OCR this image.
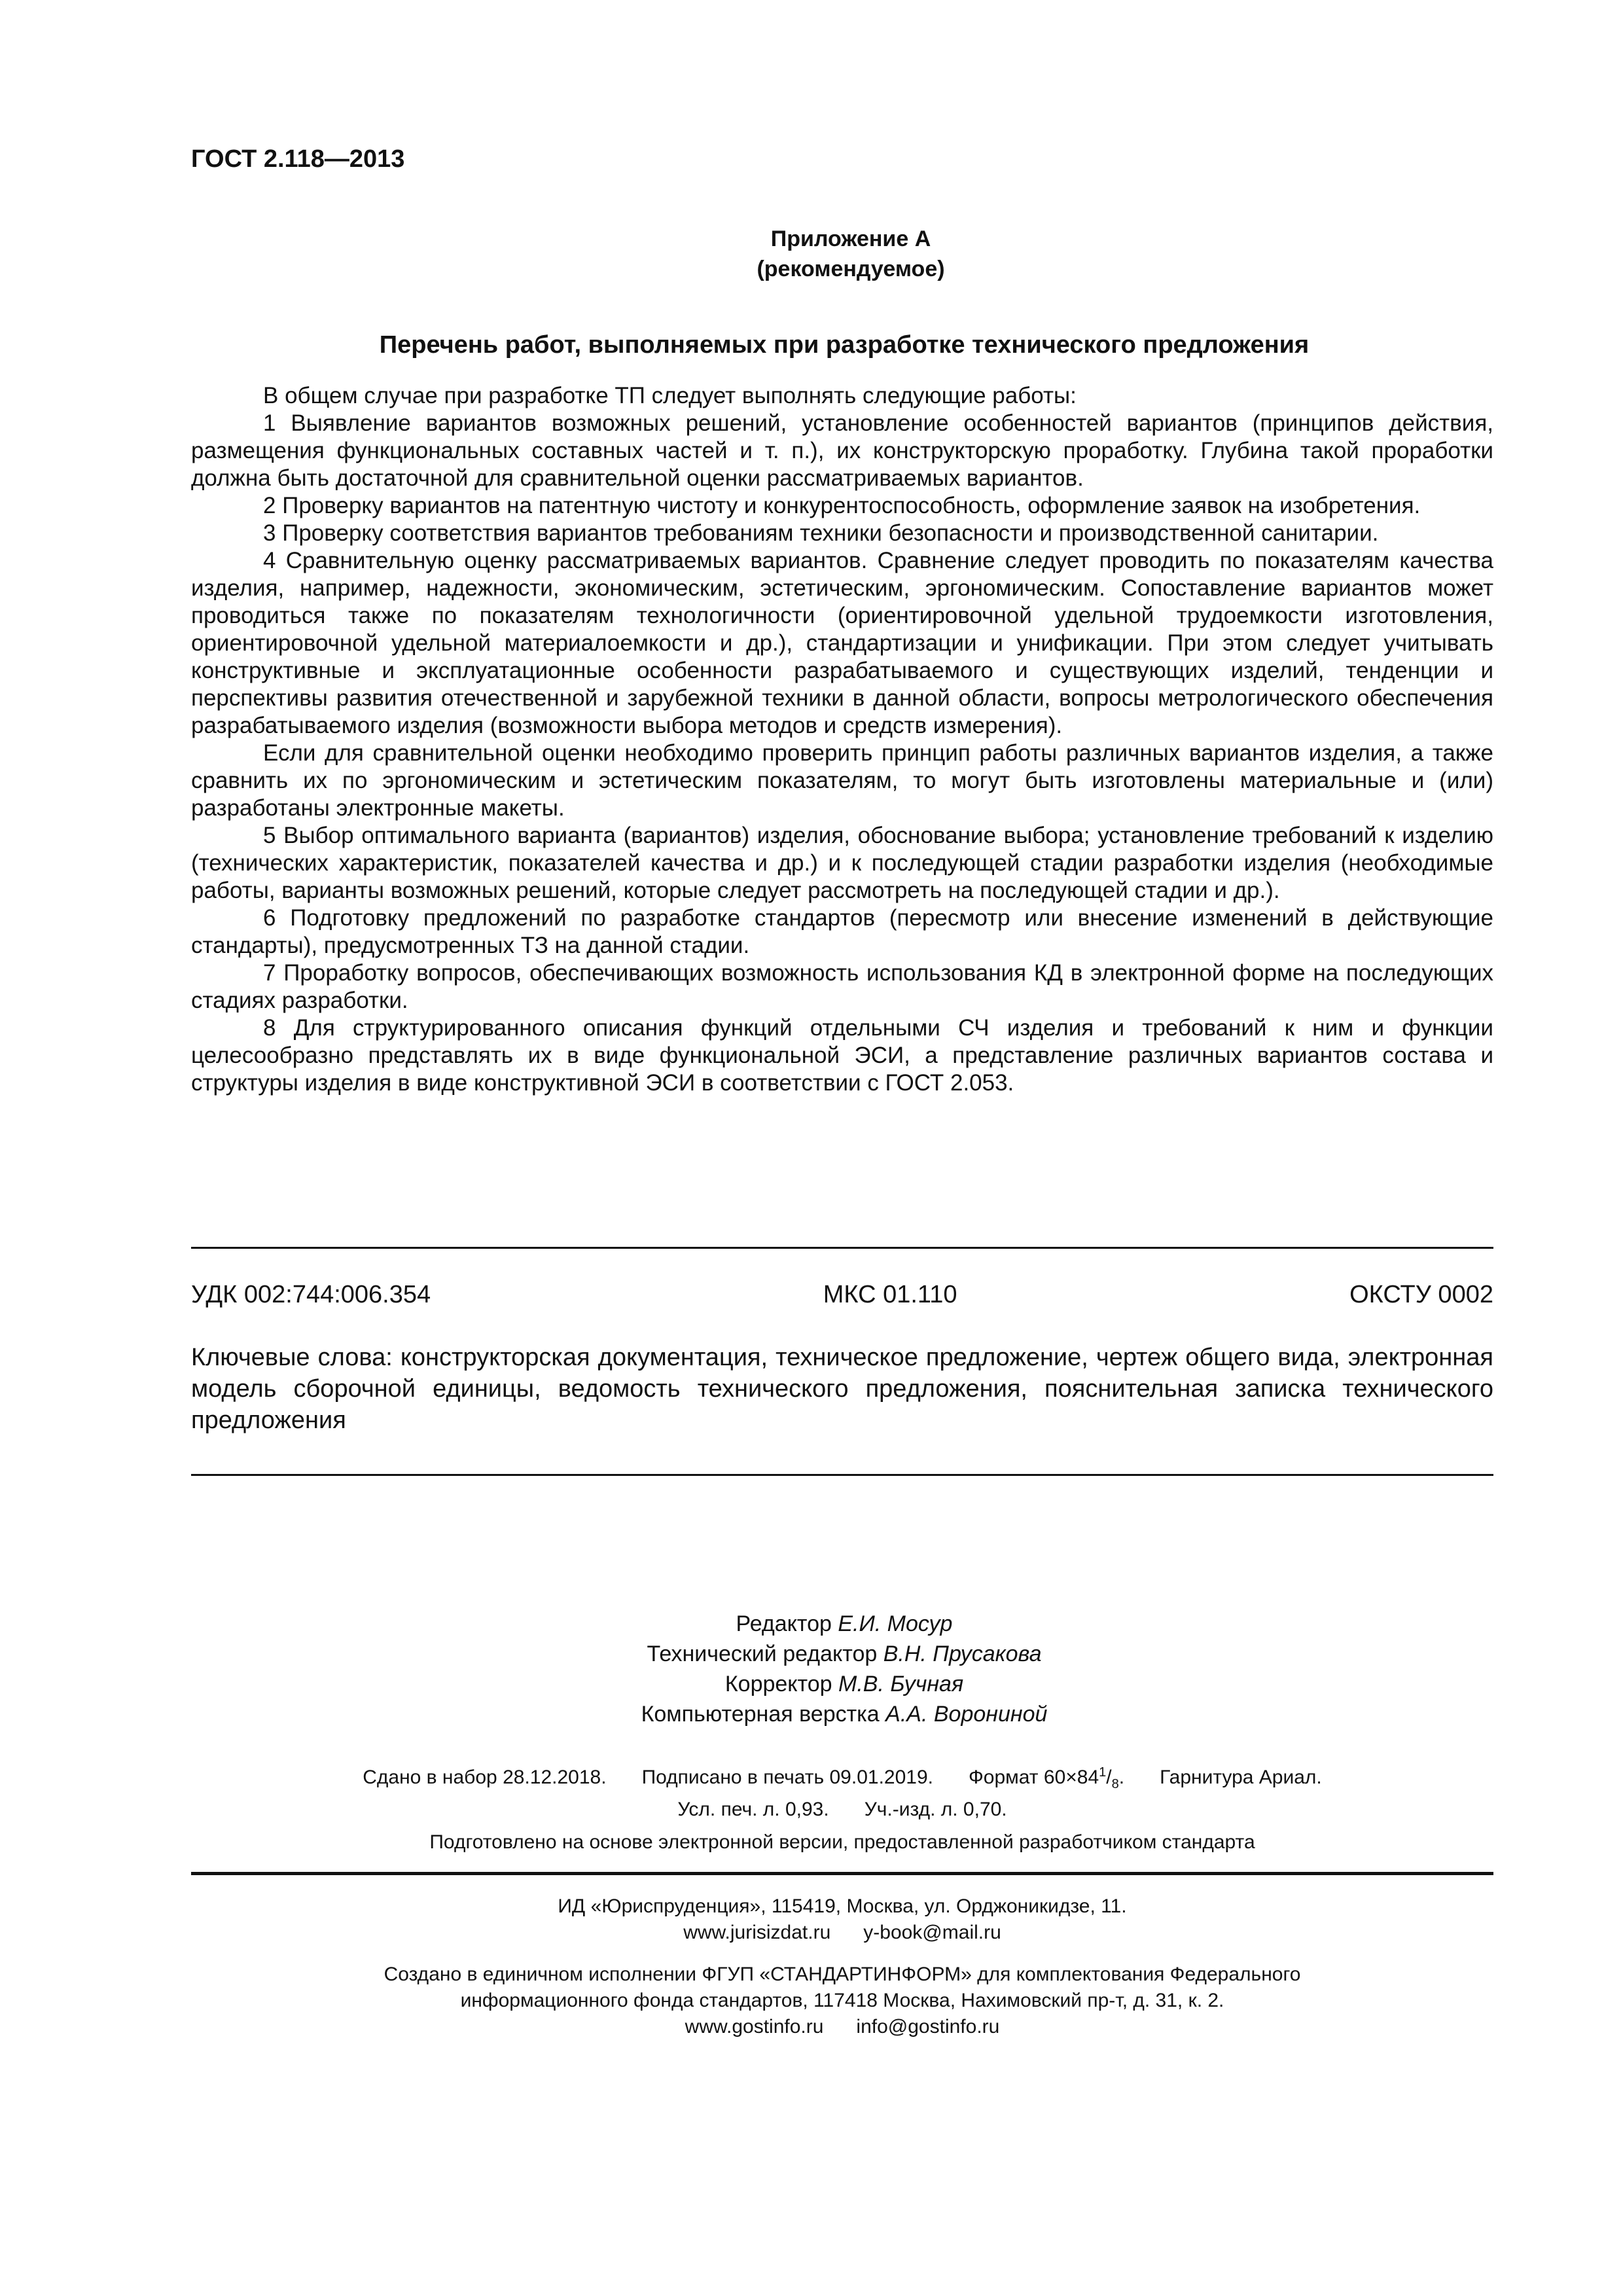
ГОСТ 2.118—2013
Приложение А
(рекомендуемое)
Перечень работ, выполняемых при разработке технического предложения

В общем случае при разработке ТП следует выполнять следующие работы:

1 Выявление вариантов возможных решений, установление особенностей вариантов (принципов действия, размещения функциональных составных частей и т. п.), их конструкторскую проработку. Глубина такой проработки должна быть достаточной для сравнительной оценки рассматриваемых вариантов.

2 Проверку вариантов на патентную чистоту и конкурентоспособность, оформление заявок на изобретения.

3 Проверку соответствия вариантов требованиям техники безопасности и производственной санитарии.

4 Сравнительную оценку рассматриваемых вариантов. Сравнение следует проводить по показателям качества изделия, например, надежности, экономическим, эстетическим, эргономическим. Сопоставление вариантов может проводиться также по показателям технологичности (ориентировочной удельной трудоемкости изготовления, ориентировочной удельной материалоемкости и др.), стандартизации и унификации. При этом следует учитывать конструктивные и эксплуатационные особенности разрабатываемого и существующих изделий, тенденции и перспективы развития отечественной и зарубежной техники в данной области, вопросы метрологического обеспечения разрабатываемого изделия (возможности выбора методов и средств измерения).

Если для сравнительной оценки необходимо проверить принцип работы различных вариантов изделия, а также сравнить их по эргономическим и эстетическим показателям, то могут быть изготовлены материальные и (или) разработаны электронные макеты.

5 Выбор оптимального варианта (вариантов) изделия, обоснование выбора; установление требований к изделию (технических характеристик, показателей качества и др.) и к последующей стадии разработки изделия (необходимые работы, варианты возможных решений, которые следует рассмотреть на последующей стадии и др.).

6 Подготовку предложений по разработке стандартов (пересмотр или внесение изменений в действующие стандарты), предусмотренных ТЗ на данной стадии.

7 Проработку вопросов, обеспечивающих возможность использования КД в электронной форме на последующих стадиях разработки.

8 Для структурированного описания функций отдельными СЧ изделия и требований к ним и функции целесообразно представлять их в виде функциональной ЭСИ, а представление различных вариантов состава и структуры изделия в виде конструктивной ЭСИ в соответствии с ГОСТ 2.053.

УДК 002:744:006.354	МКС 01.110	ОКСТУ 0002
Ключевые слова: конструкторская документация, техническое предложение, чертеж общего вида, электронная модель сборочной единицы, ведомость технического предложения, пояснительная записка технического предложения
Редактор Е.И. Мосур
Технический редактор В.Н. Прусакова
Корректор М.В. Бучная
Компьютерная верстка А.А. Ворониной
Сдано в набор 28.12.2018. Подписано в печать 09.01.2019. Формат $60\times 84^1/_8$. Гарнитура Ариал.
Усл. печ. л. 0,93. Уч.-изд. л. 0,70.
Подготовлено на основе электронной версии, предоставленной разработчиком стандарта
ИД «Юриспруденция», 115419, Москва, ул. Орджоникидзе, 11.
www.jurisizdat.ru y-book@mail.ru
Создано в единичном исполнении ФГУП «СТАНДАРТИНФОРМ» для комплектования Федерального
информационного фонда стандартов, 117418 Москва, Нахимовский пр-т, д. 31, к. 2.
www.gostinfo.ru info@gostinfo.ru
